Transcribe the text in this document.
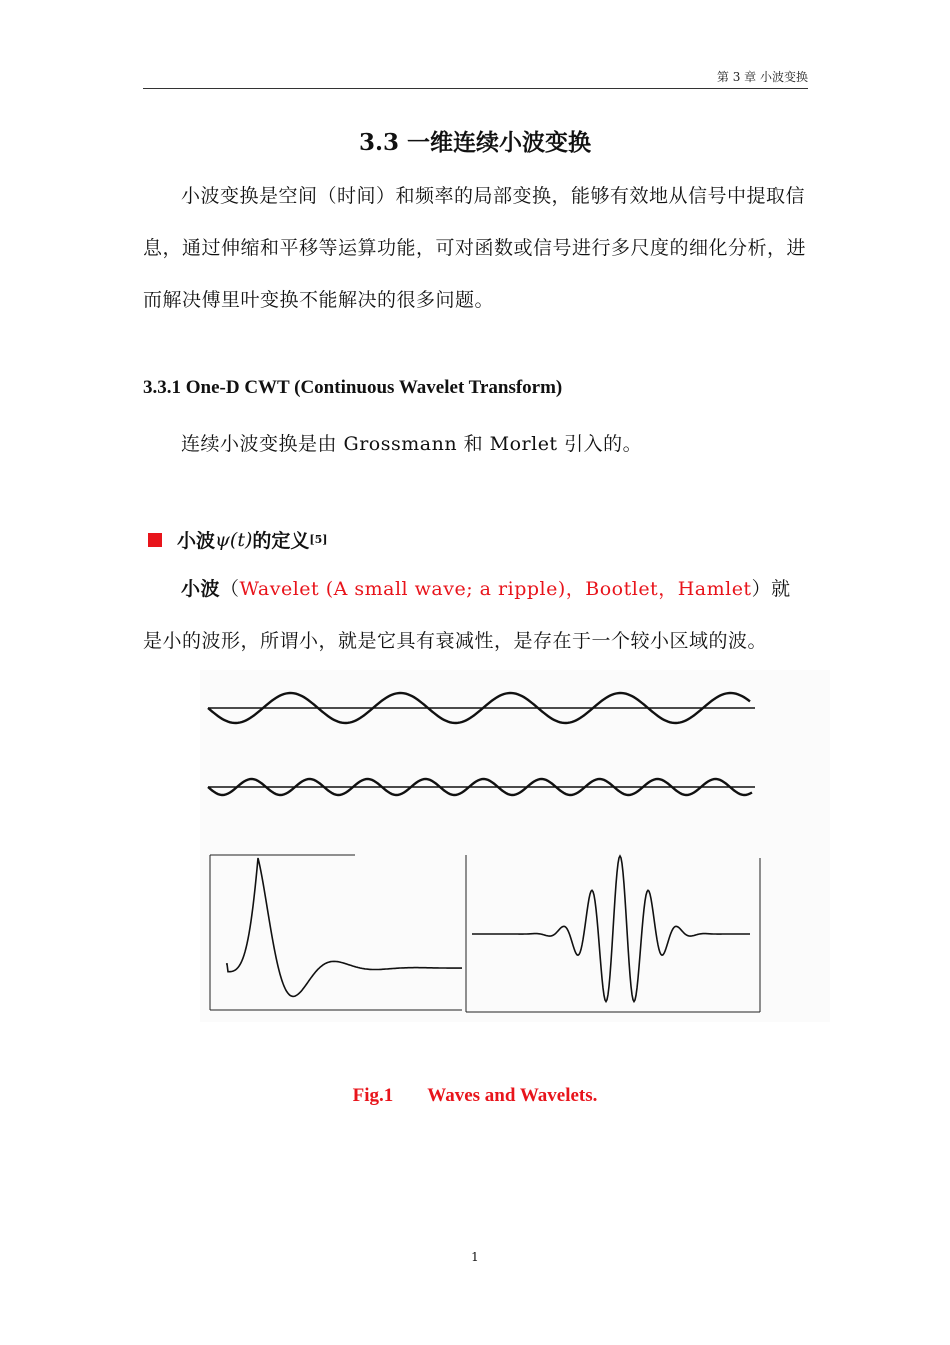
第 3 章 小波变换
3.3 一维连续小波变换
小波变换是空间（时间）和频率的局部变换，能够有效地从信号中提取信息，通过伸缩和平移等运算功能，可对函数或信号进行多尺度的细化分析，进而解决傅里叶变换不能解决的很多问题。
3.3.1 One-D CWT (Continuous Wavelet Transform)
连续小波变换是由 Grossmann 和 Morlet 引入的。
小波 ψ(t) 的定义 [5]
小波（Wavelet (A small wave; a ripple)，Bootlet，Hamlet）就是小的波形，所谓小，就是它具有衰减性，是存在于一个较小区域的波。
Fig.1 Waves and Wavelets.
1
